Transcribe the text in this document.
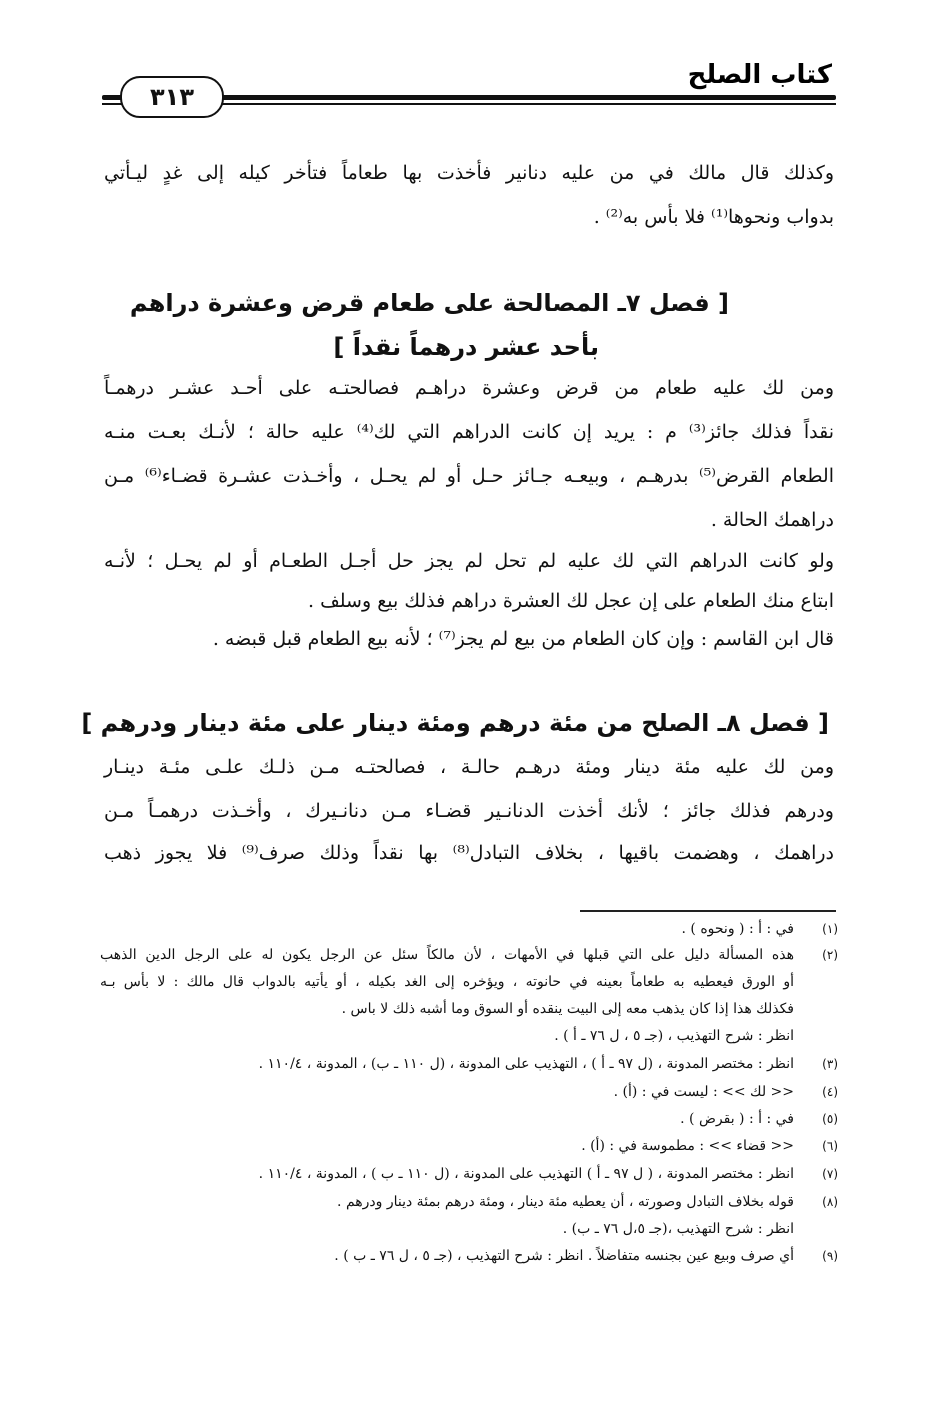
كتاب الصلح
٣١٣
وكذلك قال مالك في من عليه دنانير فأخذت بها طعاماً فتأخر كيله إلى غدٍ ليـأتي
بدواب ونحوها⁽¹⁾ فلا بأس به⁽²⁾ .
[ فصل ٧ـ المصالحة على طعام قرض وعشرة دراهم
بأحد عشر درهماً نقداً ]
ومن لك عليه طعام من قرض وعشرة دراهـم فصالحتـه على أحـد عشـر درهمـاً
نقداً فذلك جائز⁽³⁾ م : يريد إن كانت الدراهم التي لك⁽⁴⁾ عليه حالة ؛ لأنـك بعـت منـه
الطعام القرض⁽⁵⁾ بدرهـم ، وبيعـه جـائز حـل أو لم يحـل ، وأخـذت عشـرة قضـاء⁽⁶⁾ مـن
دراهمك الحالة .
ولو كانت الدراهم التي لك عليه لم تحل لم يجز حل أجـل الطعـام أو لم يحـل ؛ لأنـه
ابتاع منك الطعام على إن عجل لك العشرة دراهم فذلك بيع وسلف .
قال ابن القاسم : وإن كان الطعام من بيع لم يجز⁽⁷⁾ ؛ لأنه بيع الطعام قبل قبضه .
[ فصل ٨ـ الصلح من مئة درهم ومئة دينار على مئة دينار ودرهم ]
ومن لك عليه مئة دينار ومئة درهـم حالـة ، فصالحتـه مـن ذلـك علـى مئـة دينـار
ودرهم فذلك جائز ؛ لأنك أخذت الدنانـير قضـاء مـن دنانـيرك ، وأخـذت درهمـاً مـن
دراهمك ، وهضمت باقيها ، بخلاف التبادل⁽⁸⁾ بها نقداً وذلك صرف⁽⁹⁾ فلا يجوز ذهب
(١)
في : أ : ( ونحوه ) .
(٢)
هذه المسألة دليل على التي قبلها في الأمهات ، لأن مالكاً سئل عن الرجل يكون له على الرجل الدين الذهب
أو الورق فيعطيه به طعاماً بعينه في حانوته ، ويؤخره إلى الغد بكيله ، أو يأتيه بالدواب قال مالك : لا بأس بـه
فكذلك هذا إذا كان يذهب معه إلى البيت ينقده أو السوق وما أشبه ذلك لا باس .
انظر : شرح التهذيب ، (جـ ٥ ، ل ٧٦ ـ أ ) .
(٣)
انظر : مختصر المدونة ، (ل ٩٧ ـ أ ) ، التهذيب على المدونة ، (ل ١١٠ ـ ب) ، المدونة ، ١١٠/٤ .
(٤)
<< لك >> : ليست في : (أ) .
(٥)
في : أ : ( بقرض ) .
(٦)
<< قضاء >> : مطموسة في : (أ) .
(٧)
انظر : مختصر المدونة ، ( ل ٩٧ ـ أ ) التهذيب على المدونة ، (ل ١١٠ ـ ب ) ، المدونة ، ١١٠/٤ .
(٨)
قوله بخلاف التبادل وصورته ، أن يعطيه مئة دينار ، ومئة درهم بمئة دينار ودرهم .
انظر : شرح التهذيب ،(جـ ٥،ل ٧٦ ـ ب) .
(٩)
أي صرف وبيع عين بجنسه متفاضلاً . انظر : شرح التهذيب ، (جـ ٥ ، ل ٧٦ ـ ب ) .
